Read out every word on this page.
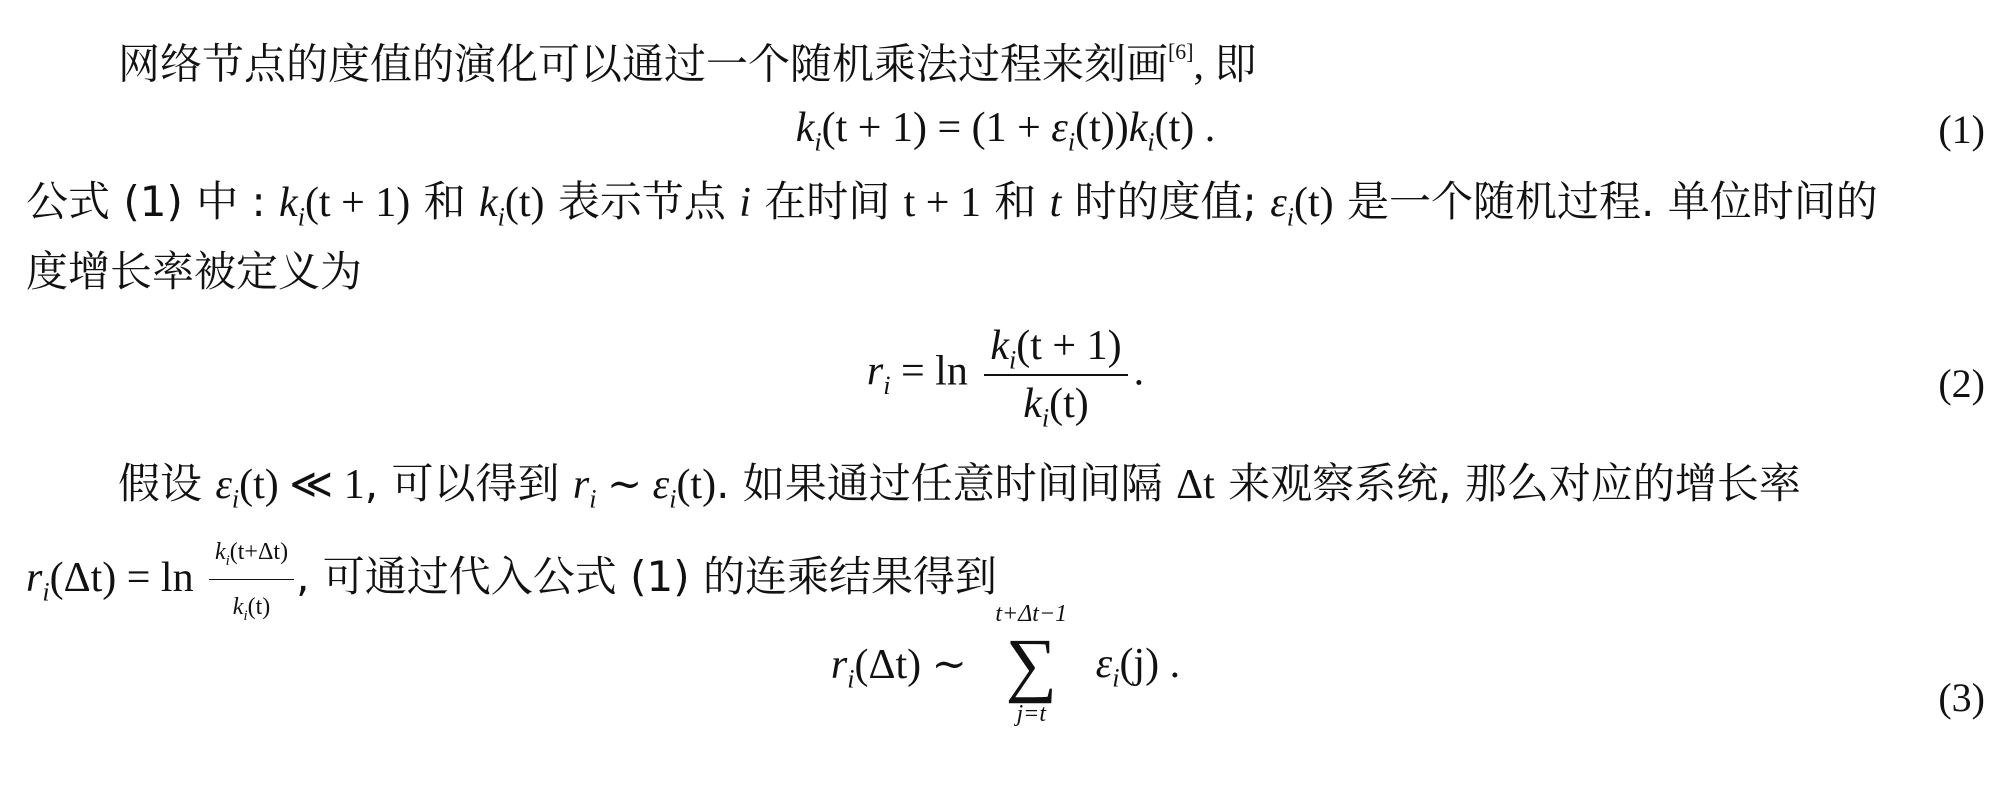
网络节点的度值的演化可以通过一个随机乘法过程来刻画[6], 即
$k_i(t + 1) = (1 + \varepsilon_i(t))k_i(t)$ .	(1)
公式 (1) 中 : $k_i(t + 1)$ 和 $k_i(t)$ 表示节点 i 在时间 t + 1 和 t 时的度值; $\varepsilon_i(t)$ 是一个随机过程. 单位时间的
度增长率被定义为
$r_i = \ln \frac{k_i(t + 1)}{k_i(t)}$ .	(2)
假设 $\varepsilon_i(t)$ ≪ 1, 可以得到 $r_i$ ∼ $\varepsilon_i(t)$. 如果通过任意时间间隔 Δt 来观察系统, 那么对应的增长率
$r_i(\Delta t) = \ln \frac{k_i(t+\Delta t)}{k_i(t)}$ , 可通过代入公式 (1) 的连乘结果得到
$r_i(\Delta t)$ ∼
t+Δt−1
∑
j=t
$\varepsilon_i(j)$ .
(3)
